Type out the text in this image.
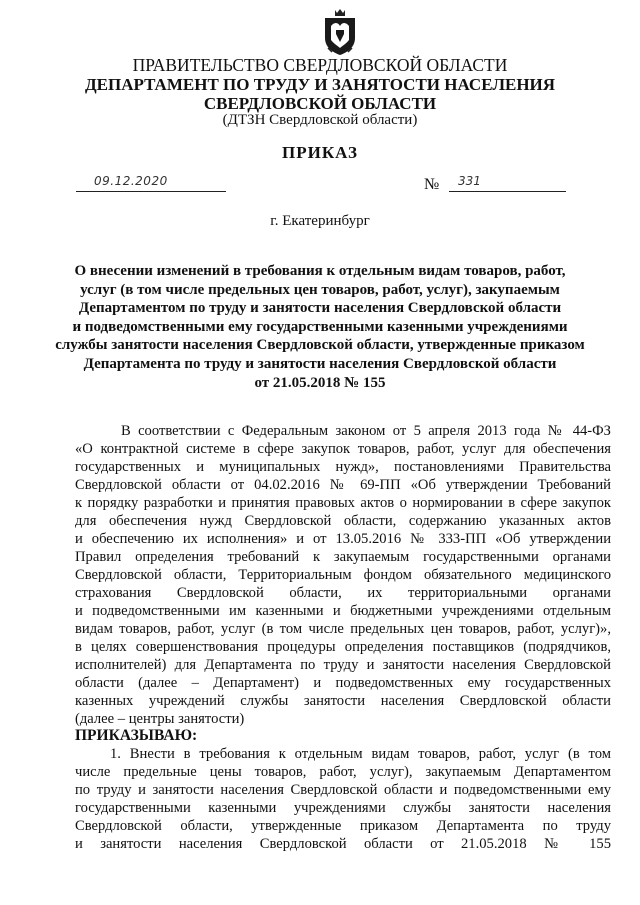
ПРАВИТЕЛЬСТВО СВЕРДЛОВСКОЙ ОБЛАСТИ
ДЕПАРТАМЕНТ ПО ТРУДУ И ЗАНЯТОСТИ НАСЕЛЕНИЯ
СВЕРДЛОВСКОЙ ОБЛАСТИ
(ДТЗН Свердловской области)
ПРИКАЗ
09.12.2020	№ 331
г. Екатеринбург
О внесении изменений в требования к отдельным видам товаров, работ,
услуг (в том числе предельных цен товаров, работ, услуг), закупаемым
Департаментом по труду и занятости населения Свердловской области
и подведомственными ему государственными казенными учреждениями
службы занятости населения Свердловской области, утвержденные приказом
Департамента по труду и занятости населения Свердловской области
от 21.05.2018 № 155
В соответствии с Федеральным законом от 5 апреля 2013 года № 44-ФЗ
«О контрактной системе в сфере закупок товаров, работ, услуг для обеспечения
государственных и муниципальных нужд», постановлениями Правительства
Свердловской области от 04.02.2016 № 69-ПП «Об утверждении Требований
к порядку разработки и принятия правовых актов о нормировании в сфере закупок
для обеспечения нужд Свердловской области, содержанию указанных актов
и обеспечению их исполнения» и от 13.05.2016 № 333-ПП «Об утверждении
Правил определения требований к закупаемым государственными органами
Свердловской области, Территориальным фондом обязательного медицинского
страхования Свердловской области, их территориальными органами
и подведомственными им казенными и бюджетными учреждениями отдельным
видам товаров, работ, услуг (в том числе предельных цен товаров, работ, услуг)»,
в целях совершенствования процедуры определения поставщиков (подрядчиков,
исполнителей) для Департамента по труду и занятости населения Свердловской
области (далее – Департамент) и подведомственных ему государственных
казенных учреждений службы занятости населения Свердловской области
(далее – центры занятости)
ПРИКАЗЫВАЮ:
1. Внести в требования к отдельным видам товаров, работ, услуг (в том
числе предельные цены товаров, работ, услуг), закупаемым Департаментом
по труду и занятости населения Свердловской области и подведомственными ему
государственными казенными учреждениями службы занятости населения
Свердловской области, утвержденные приказом Департамента по труду
и занятости населения Свердловской области от 21.05.2018 № 155
